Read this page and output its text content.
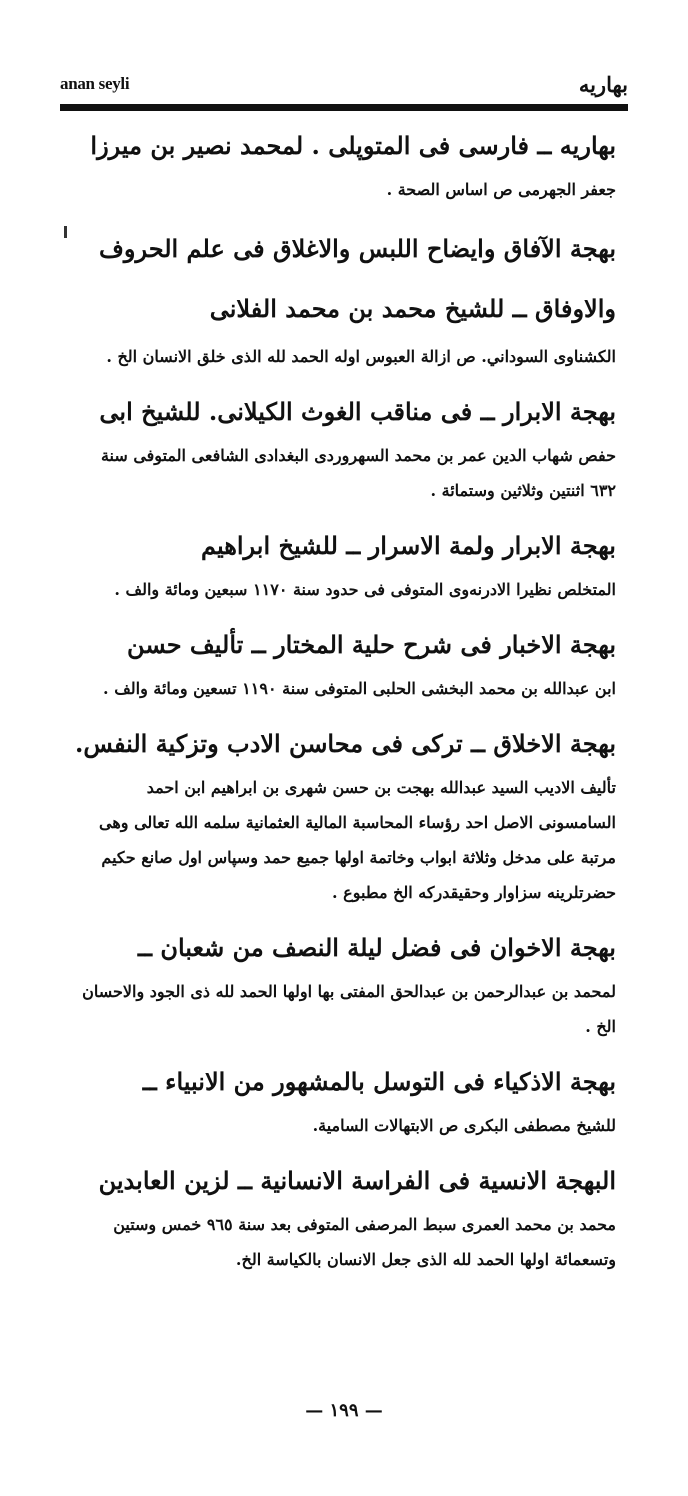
anan seyli	بهاریه

بهاریه ــ فارسی فی المتوپلی . لمحمد نصیر بن میرزا
جعفر الجهرمی ص اساس الصحة .

بهجة الآفاق وایضاح اللبس والاغلاق فی علم الحروف والاوفاق ــ للشیخ محمد بن محمد الفلانی
الکشناوی السوداني. ص ازالة العبوس اوله الحمد لله الذی خلق الانسان الخ .

بهجة الابرار ــ فی مناقب الغوث الکیلانی. للشیخ ابی
حفص شهاب الدین عمر بن محمد السهروردی البغدادی الشافعی المتوفی سنة ٦٣٢ اثنتین وثلاثین وستمائة .

بهجة الابرار ولمة الاسرار ــ للشیخ ابراهیم
المتخلص نظیرا الادرنه‌وی المتوفی فی حدود سنة ١١٧٠ سبعین ومائة والف .

بهجة الاخبار فی شرح حلیة المختار ــ تألیف حسن
ابن عبدالله بن محمد البخشی الحلبی المتوفی سنة ١١٩٠ تسعین ومائة والف .

بهجة الاخلاق ــ ترکی فی محاسن الادب وتزکیة النفس.
تألیف الادیب السید عبدالله بهجت بن حسن شهری بن ابراهیم ابن احمد السامسونی الاصل احد رؤساء المحاسبة المالیة العثمانیة سلمه الله تعالی وهی مرتبة علی مدخل وثلاثة ابواب وخاتمة اولها جمیع حمد وسپاس اول صانع حکیم حضرتلرینه سزاوار وحقیقدرکه الخ مطبوع .

بهجة الاخوان فی فضل لیلة النصف من شعبان ــ
لمحمد بن عبدالرحمن بن عبدالحق المفتی بها اولها الحمد لله ذی الجود والاحسان الخ .

بهجة الاذکیاء فی التوسل بالمشهور من الانبیاء ــ
للشیخ مصطفی البکری ص الابتهالات السامیة.

البهجة الانسیة فی الفراسة الانسانیة ــ لزین العابدین
محمد بن محمد العمری سبط المرصفی المتوفی بعد سنة ٩٦٥ خمس وستین وتسعمائة اولها الحمد لله الذی جعل الانسان بالکیاسة الخ.

— ١٩٩ —
